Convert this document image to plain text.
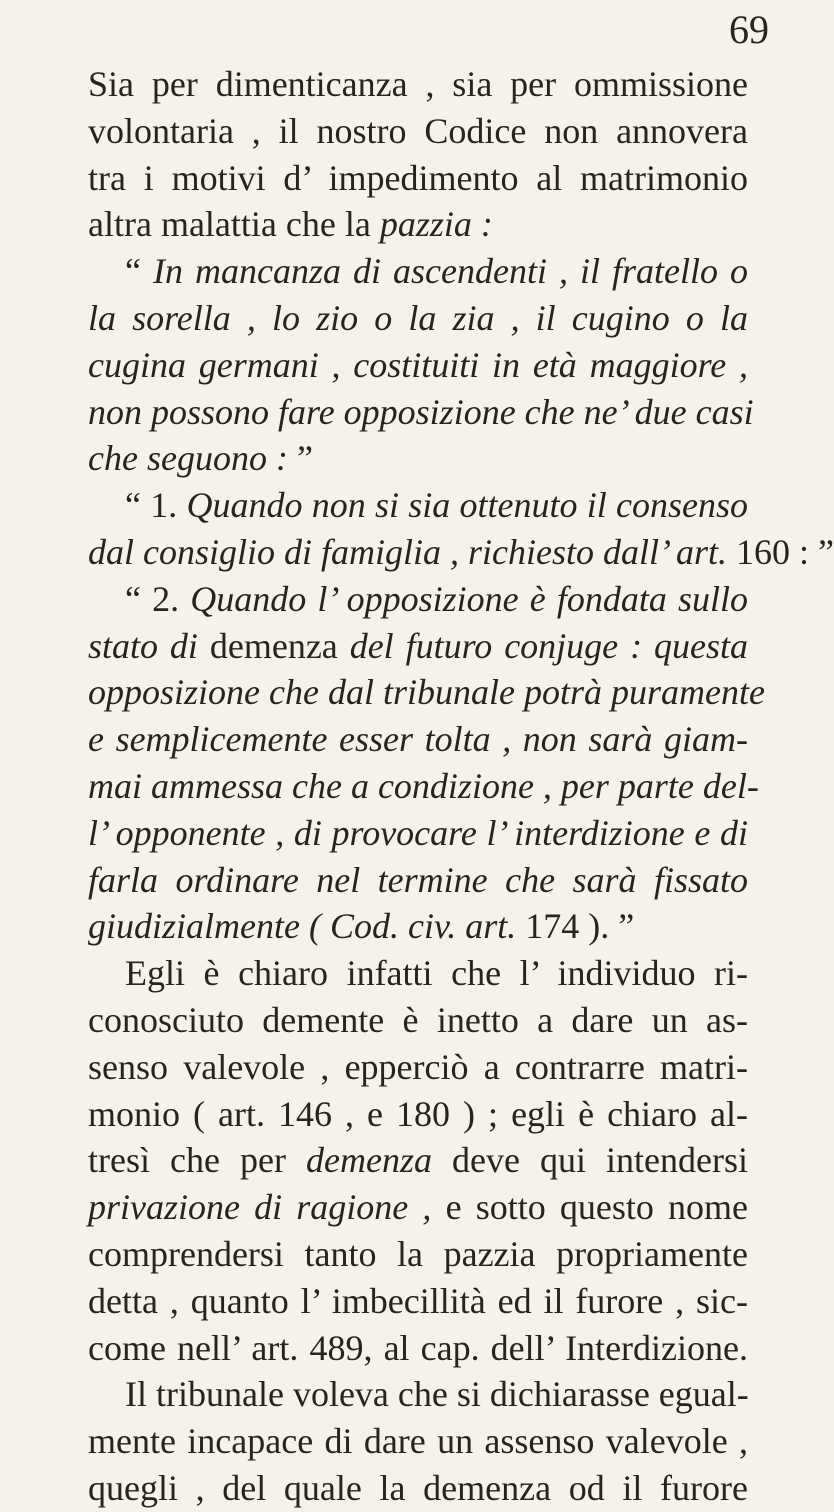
69
Sia per dimenticanza , sia per ommissione
volontaria , il nostro Codice non annovera
tra i motivi d’ impedimento al matrimonio
altra malattia che la pazzia :
“ In mancanza di ascendenti , il fratello o
la sorella , lo zio o la zia , il cugino o la
cugina germani , costituiti in età maggiore ,
non possono fare opposizione che ne’ due casi
che seguono : ”
“ 1. Quando non si sia ottenuto il consenso
dal consiglio di famiglia , richiesto dall’ art. 160 : ”
“ 2. Quando l’ opposizione è fondata sullo
stato di demenza del futuro conjuge : questa
opposizione che dal tribunale potrà puramente
e semplicemente esser tolta , non sarà giam-
mai ammessa che a condizione , per parte del-
l’ opponente , di provocare l’ interdizione e di
farla ordinare nel termine che sarà fissato
giudizialmente ( Cod. civ. art. 174 ). ”
Egli è chiaro infatti che l’ individuo ri-
conosciuto demente è inetto a dare un as-
senso valevole , epperciò a contrarre matri-
monio ( art. 146 , e 180 ) ; egli è chiaro al-
tresì che per demenza deve qui intendersi
privazione di ragione , e sotto questo nome
comprendersi tanto la pazzia propriamente
detta , quanto l’ imbecillità ed il furore , sic-
come nell’ art. 489, al cap. dell’ Interdizione.
Il tribunale voleva che si dichiarasse egual-
mente incapace di dare un assenso valevole ,
quegli , del quale la demenza od il furore
